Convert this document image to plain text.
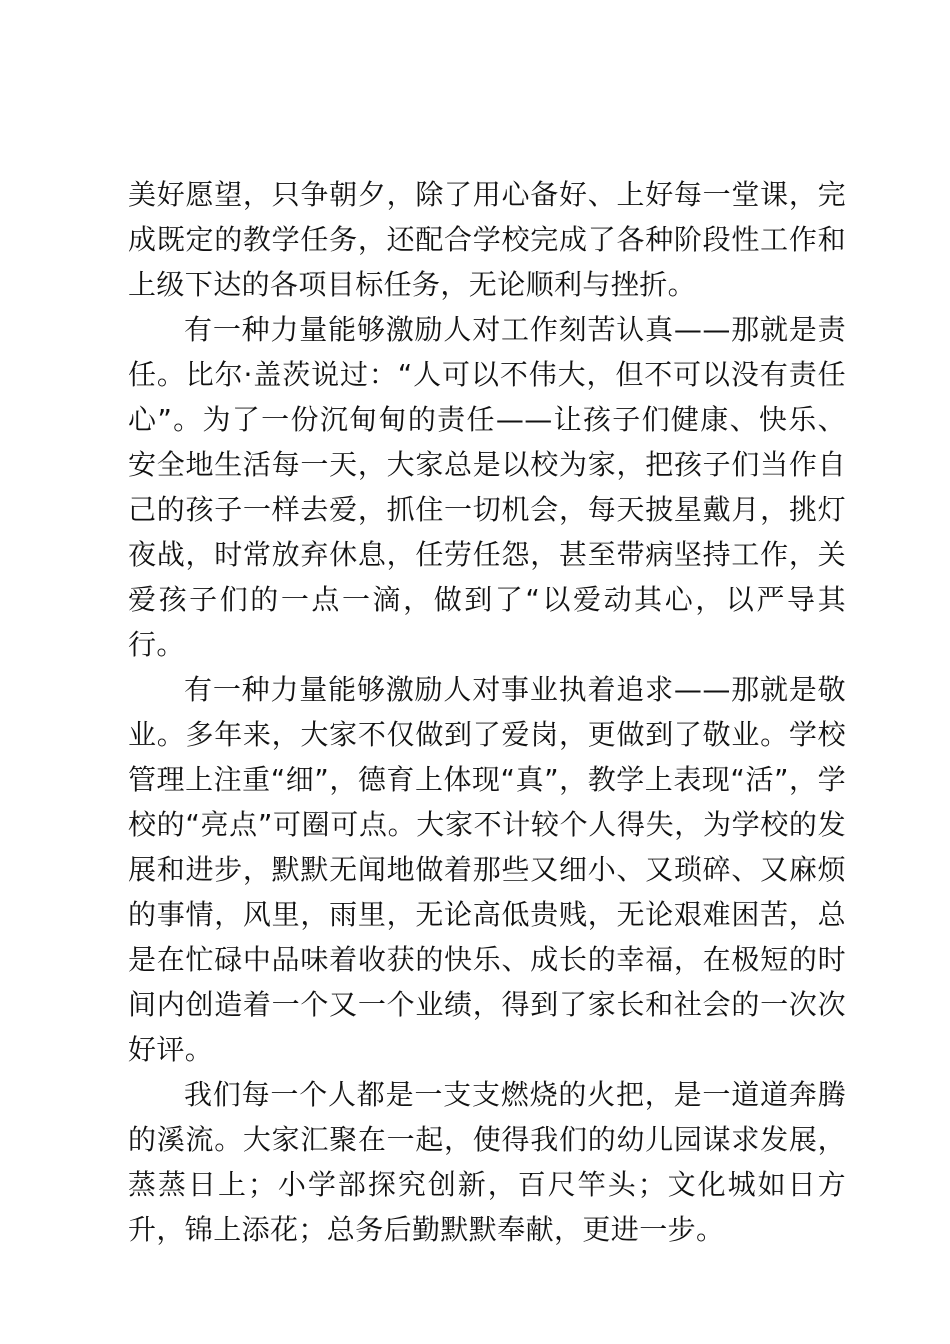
美好愿望，只争朝夕，除了用心备好、上好每一堂课，完成既定的教学任务，还配合学校完成了各种阶段性工作和上级下达的各项目标任务，无论顺利与挫折。

有一种力量能够激励人对工作刻苦认真——那就是责任。比尔·盖茨说过：“人可以不伟大，但不可以没有责任心”。为了一份沉甸甸的责任——让孩子们健康、快乐、安全地生活每一天，大家总是以校为家，把孩子们当作自己的孩子一样去爱，抓住一切机会，每天披星戴月，挑灯夜战，时常放弃休息，任劳任怨，甚至带病坚持工作，关爱孩子们的一点一滴，做到了“以爱动其心，以严导其行。

有一种力量能够激励人对事业执着追求——那就是敬业。多年来，大家不仅做到了爱岗，更做到了敬业。学校管理上注重“细”，德育上体现“真”，教学上表现“活”，学校的“亮点”可圈可点。大家不计较个人得失，为学校的发展和进步，默默无闻地做着那些又细小、又琐碎、又麻烦的事情，风里，雨里，无论高低贵贱，无论艰难困苦，总是在忙碌中品味着收获的快乐、成长的幸福，在极短的时间内创造着一个又一个业绩，得到了家长和社会的一次次好评。

我们每一个人都是一支支燃烧的火把，是一道道奔腾的溪流。大家汇聚在一起，使得我们的幼儿园谋求发展，蒸蒸日上；小学部探究创新，百尺竿头；文化城如日方升，锦上添花；总务后勤默默奉献，更进一步。
